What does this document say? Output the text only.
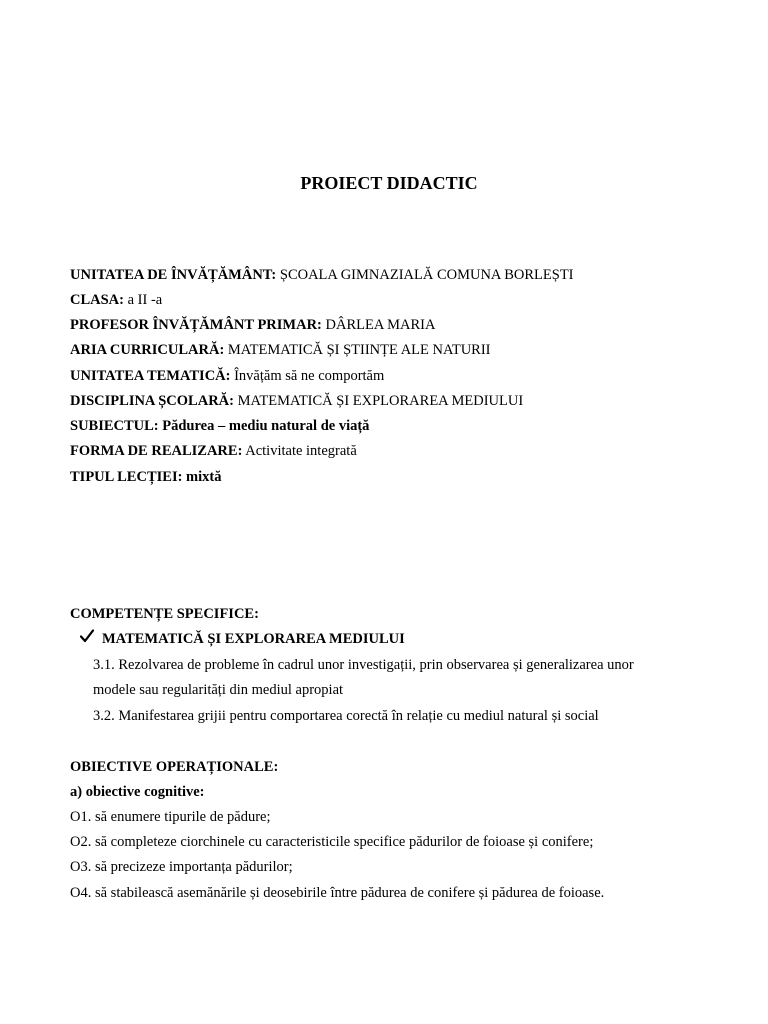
PROIECT DIDACTIC
UNITATEA DE ÎNVĂȚĂMÂNT: ȘCOALA GIMNAZIALĂ COMUNA BORLEȘTI
CLASA: a II -a
PROFESOR ÎNVĂȚĂMÂNT PRIMAR: DÂRLEA MARIA
ARIA CURRICULARĂ: MATEMATICĂ ȘI ȘTIINȚE ALE NATURII
UNITATEA TEMATICĂ: Învățăm să ne comportăm
DISCIPLINA ȘCOLARĂ: MATEMATICĂ ȘI EXPLORAREA MEDIULUI
SUBIECTUL: Pădurea – mediu natural de viață
FORMA DE REALIZARE: Activitate integrată
TIPUL LECȚIEI: mixtă
COMPETENȚE SPECIFICE:
MATEMATICĂ ȘI EXPLORAREA MEDIULUI
3.1. Rezolvarea de probleme în cadrul unor investigații, prin observarea și generalizarea unor
modele sau regularități din mediul apropiat
3.2. Manifestarea grijii pentru comportarea corectă în relație cu mediul natural și social
OBIECTIVE OPERAȚIONALE:
a) obiective cognitive:
O1. să enumere tipurile de pădure;
O2. să completeze ciorchinele cu caracteristicile specifice pădurilor de foioase și conifere;
O3. să precizeze importanța pădurilor;
O4. să stabilească asemănările și deosebirile între pădurea de conifere și pădurea de foioase.
